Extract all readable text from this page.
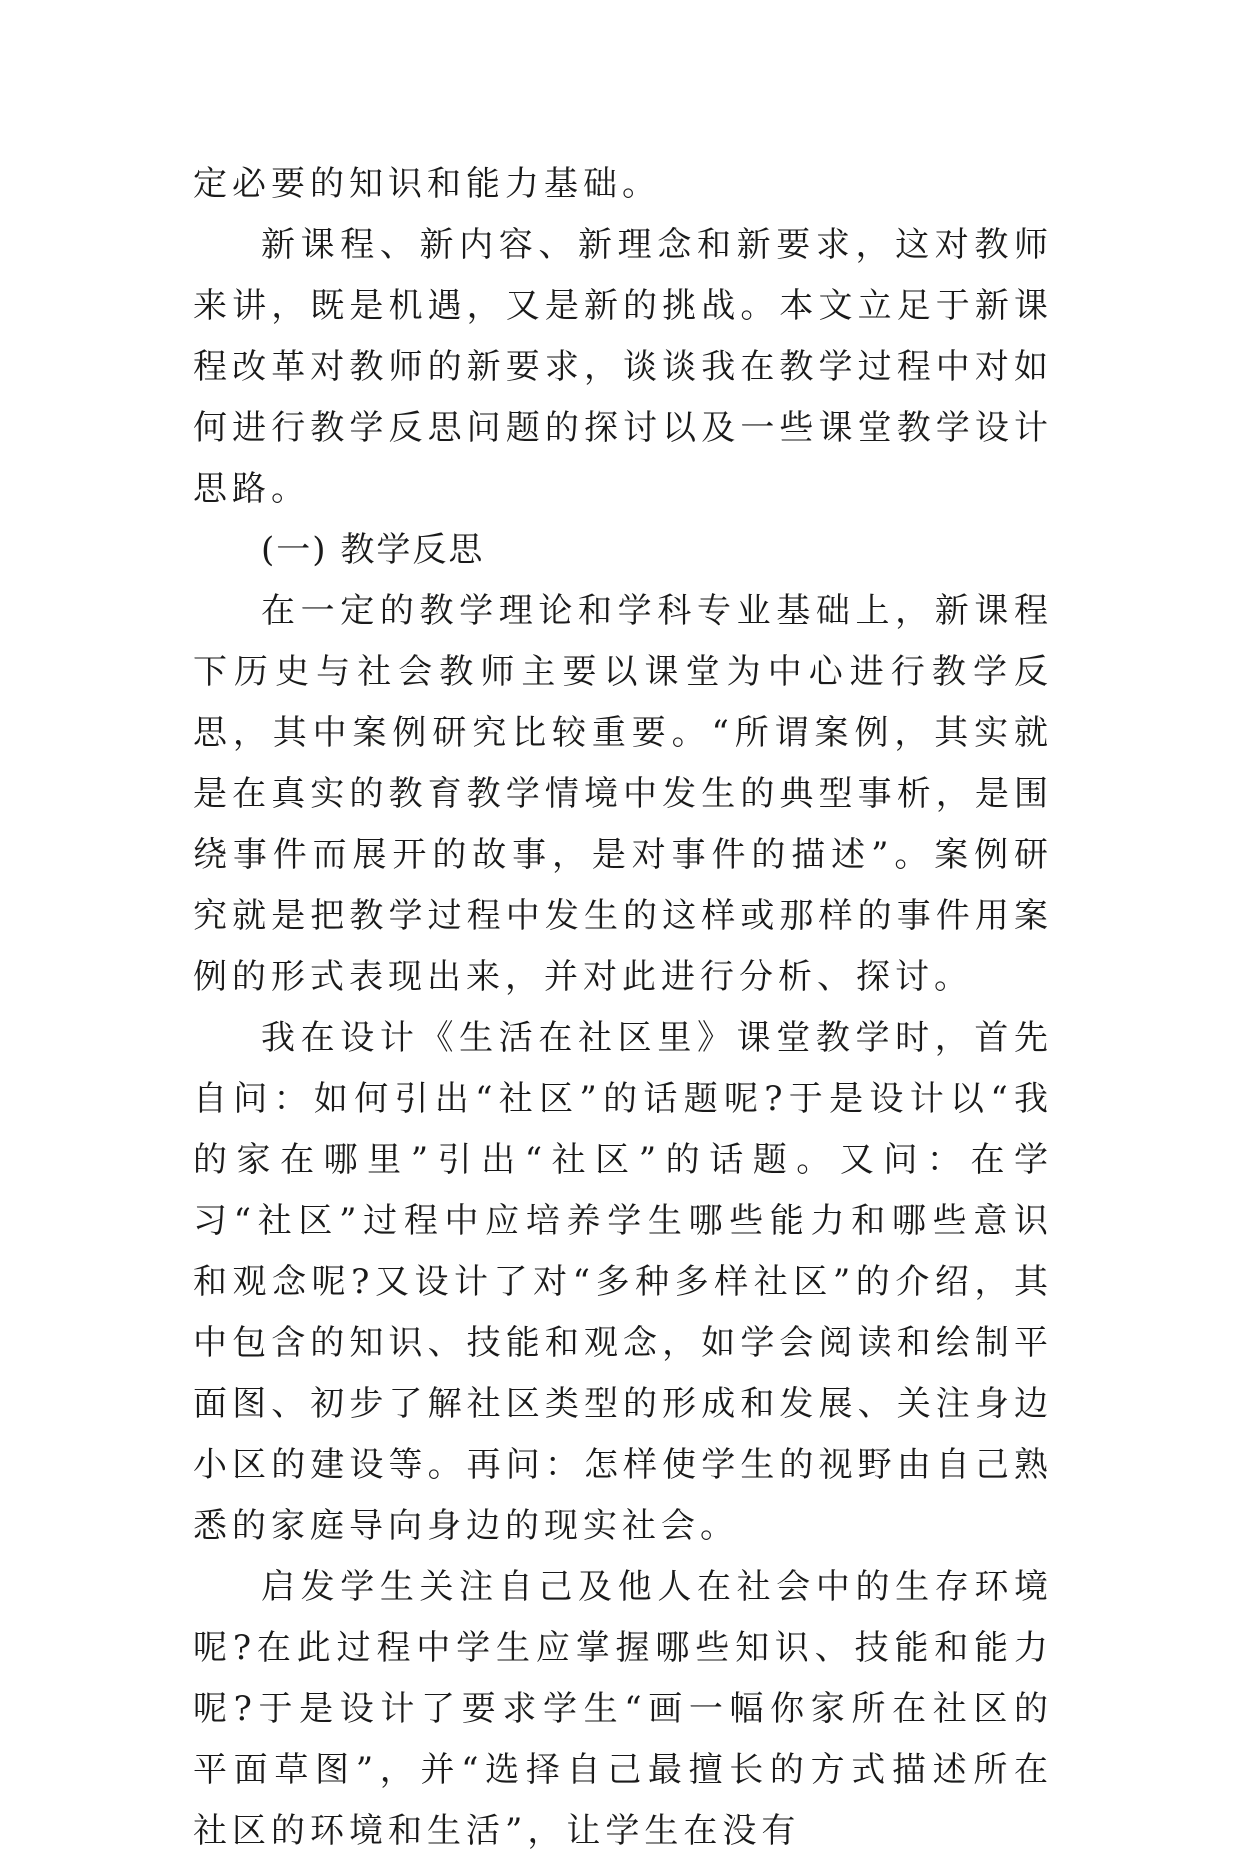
定必要的知识和能力基础。

新课程、新内容、新理念和新要求，这对教师来讲，既是机遇，又是新的挑战。本文立足于新课程改革对教师的新要求，谈谈我在教学过程中对如何进行教学反思问题的探讨以及一些课堂教学设计思路。

(一) 教学反思

在一定的教学理论和学科专业基础上，新课程下历史与社会教师主要以课堂为中心进行教学反思，其中案例研究比较重要。“所谓案例，其实就是在真实的教育教学情境中发生的典型事析，是围绕事件而展开的故事，是对事件的描述”。案例研究就是把教学过程中发生的这样或那样的事件用案例的形式表现出来，并对此进行分析、探讨。

我在设计《生活在社区里》课堂教学时，首先自问：如何引出“社区”的话题呢?于是设计以“我的家在哪里”引出“社区”的话题。又问：在学习“社区”过程中应培养学生哪些能力和哪些意识和观念呢?又设计了对“多种多样社区”的介绍，其中包含的知识、技能和观念，如学会阅读和绘制平面图、初步了解社区类型的形成和发展、关注身边小区的建设等。再问：怎样使学生的视野由自己熟悉的家庭导向身边的现实社会。

启发学生关注自己及他人在社会中的生存环境呢?在此过程中学生应掌握哪些知识、技能和能力呢?于是设计了要求学生“画一幅你家所在社区的平面草图”，并“选择自己最擅长的方式描述所在社区的环境和生活”，让学生在没有
